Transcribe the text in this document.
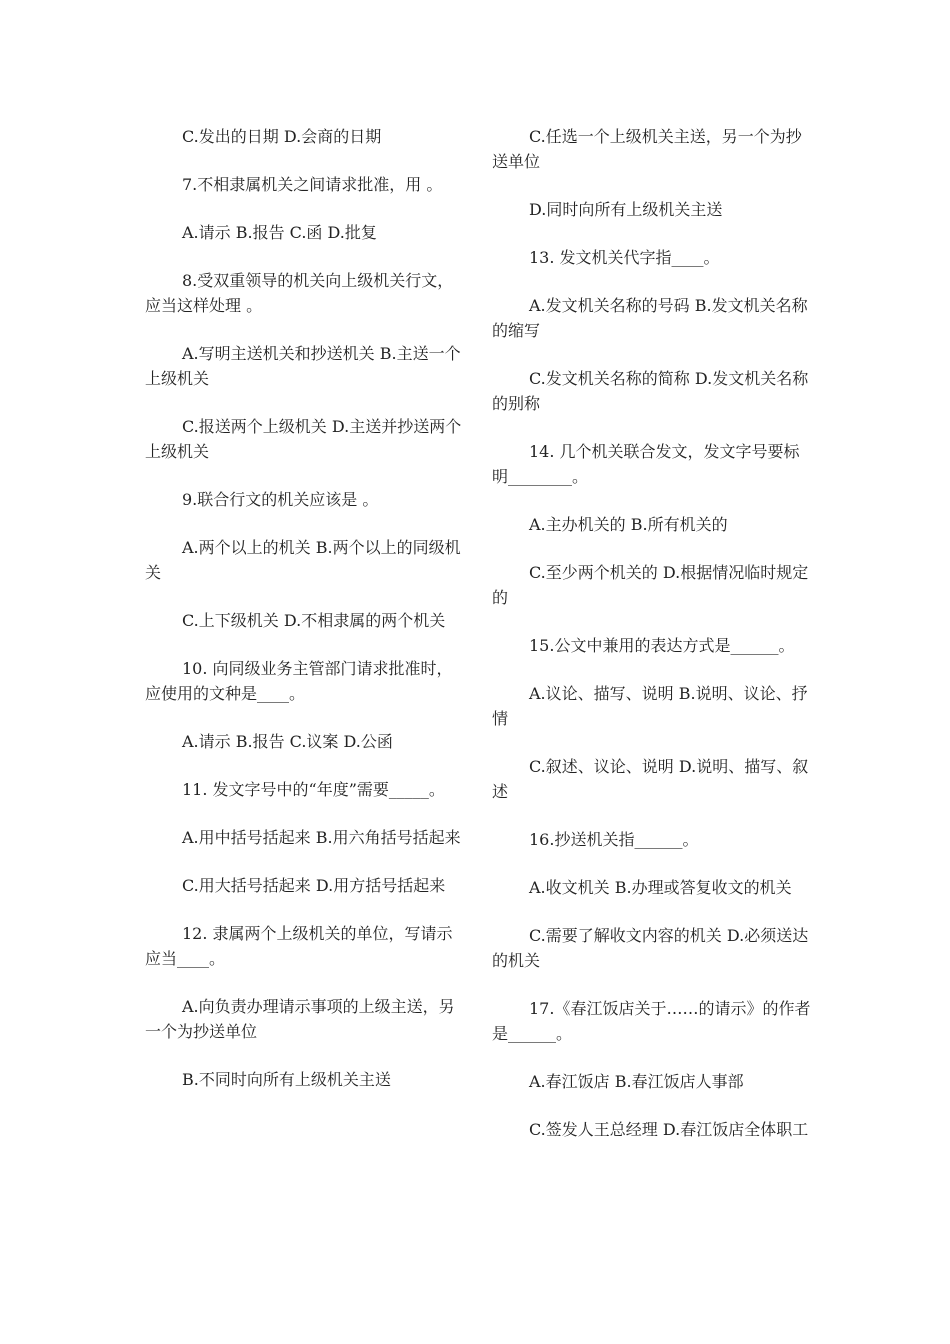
C.发出的日期 D.会商的日期

7.不相隶属机关之间请求批准，用 。

A.请示 B.报告 C.函 D.批复

8.受双重领导的机关向上级机关行文，应当这样处理 。

A.写明主送机关和抄送机关 B.主送一个上级机关

C.报送两个上级机关 D.主送并抄送两个上级机关

9.联合行文的机关应该是 。

A.两个以上的机关 B.两个以上的同级机关

C.上下级机关 D.不相隶属的两个机关

10. 向同级业务主管部门请求批准时，应使用的文种是____。

A.请示 B.报告 C.议案 D.公函

11. 发文字号中的“年度”需要_____。

A.用中括号括起来 B.用六角括号括起来

C.用大括号括起来 D.用方括号括起来

12. 隶属两个上级机关的单位，写请示应当____。

A.向负责办理请示事项的上级主送，另一个为抄送单位

B.不同时向所有上级机关主送

C.任选一个上级机关主送，另一个为抄送单位

D.同时向所有上级机关主送

13. 发文机关代字指____。

A.发文机关名称的号码 B.发文机关名称的缩写

C.发文机关名称的简称 D.发文机关名称的别称

14. 几个机关联合发文，发文字号要标明________。

A.主办机关的 B.所有机关的

C.至少两个机关的 D.根据情况临时规定的

15.公文中兼用的表达方式是______。

A.议论、描写、说明 B.说明、议论、抒情

C.叙述、议论、说明 D.说明、描写、叙述

16.抄送机关指______。

A.收文机关 B.办理或答复收文的机关

C.需要了解收文内容的机关 D.必须送达的机关

17.《春江饭店关于……的请示》的作者是______。

A.春江饭店 B.春江饭店人事部

C.签发人王总经理 D.春江饭店全体职工
